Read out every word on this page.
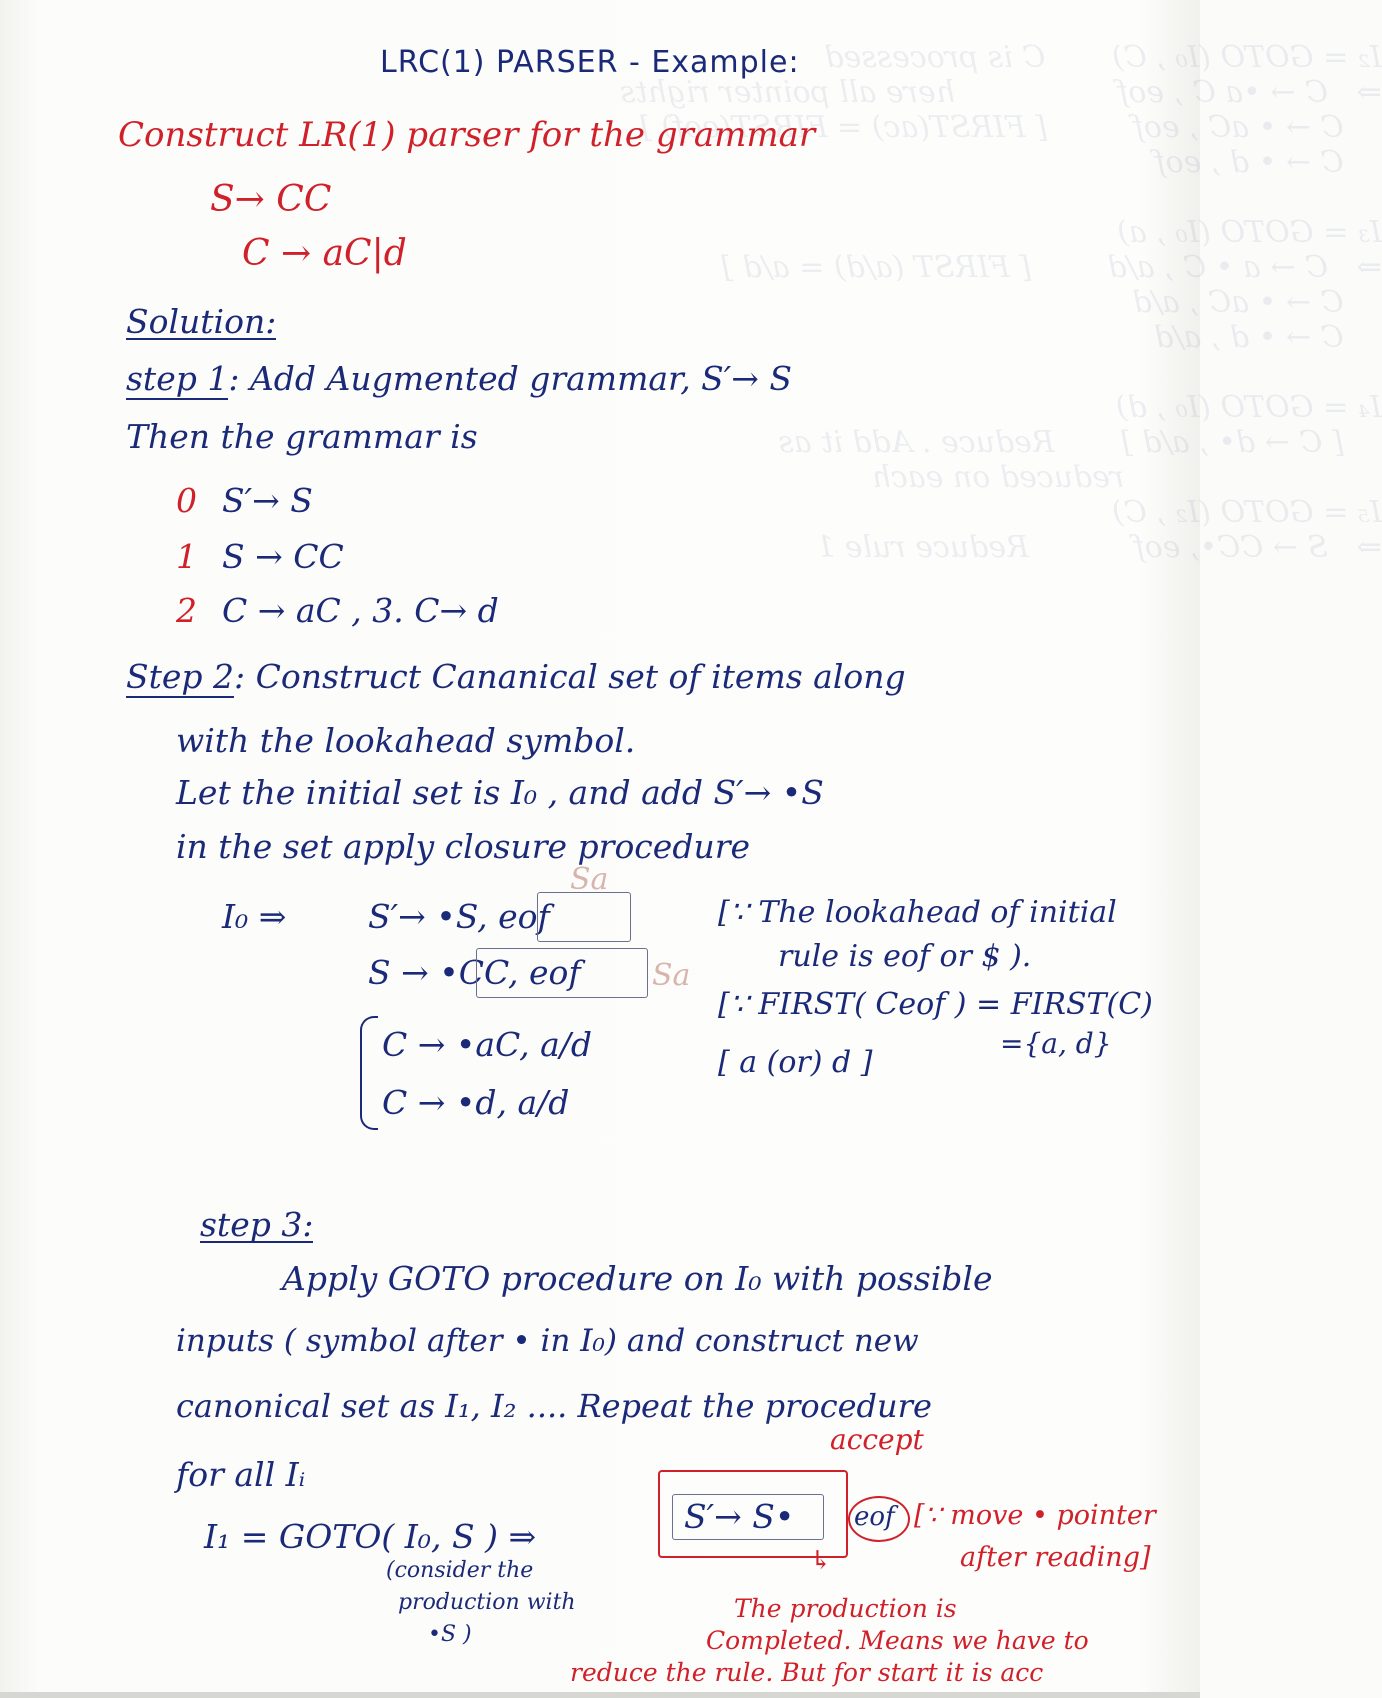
I₂ = GOTO (I₀ , C)       C is processed
⇒   C → •a C , eof                 here all pointer rights
C → • aC , eof         [ FIRST(ac) = FIRST(eof) ]
C → • d , eof

I₃ = GOTO (I₀ , a)
⇒   C → a • C , a/d        [ FIRST (a/d) = a/d ]
C → • aC , a/d
C → • d , a/d

I₄ = GOTO (I₀ , d)
[ C → d• , a/d ]       Reduce . Add it as
reduced on each
I₅ = GOTO (I₂ , C)
⇒   S → CC•, eof           Reduce rule 1

LRC(1) PARSER - Example:
Construct LR(1) parser for the grammar
S→ CC
C → aC|d
Solution:
step 1: Add Augmented grammar, S′→ S
Then the grammar is
0 S′→ S
1 S → CC
2 C → aC , 3. C→ d
Step 2: Construct Cananical set of items along
with the lookahead symbol.
Let the initial set is I₀ , and add S′→ •S
in the set apply closure procedure
I₀ ⇒ S′→ •S, eof
S → •CC, eof
C → •aC, a/d
C → •d, a/d
Sa
Sa
[∵ The lookahead of initial
rule is eof or $ ).
[∵ FIRST( Ceof ) = FIRST(C)
={a, d}
[ a (or) d ]
step 3:
Apply GOTO procedure on I₀ with possible
inputs ( symbol after • in I₀) and construct new
canonical set as I₁, I₂ .... Repeat the procedure
for all Iᵢ
accept
I₁ = GOTO( I₀, S ) ⇒
S′→ S• eof [∵ move • pointer
after reading]
↳
(consider the
production with
•S )
The production is
Completed. Means we have to
reduce the rule. But for start it is acc
